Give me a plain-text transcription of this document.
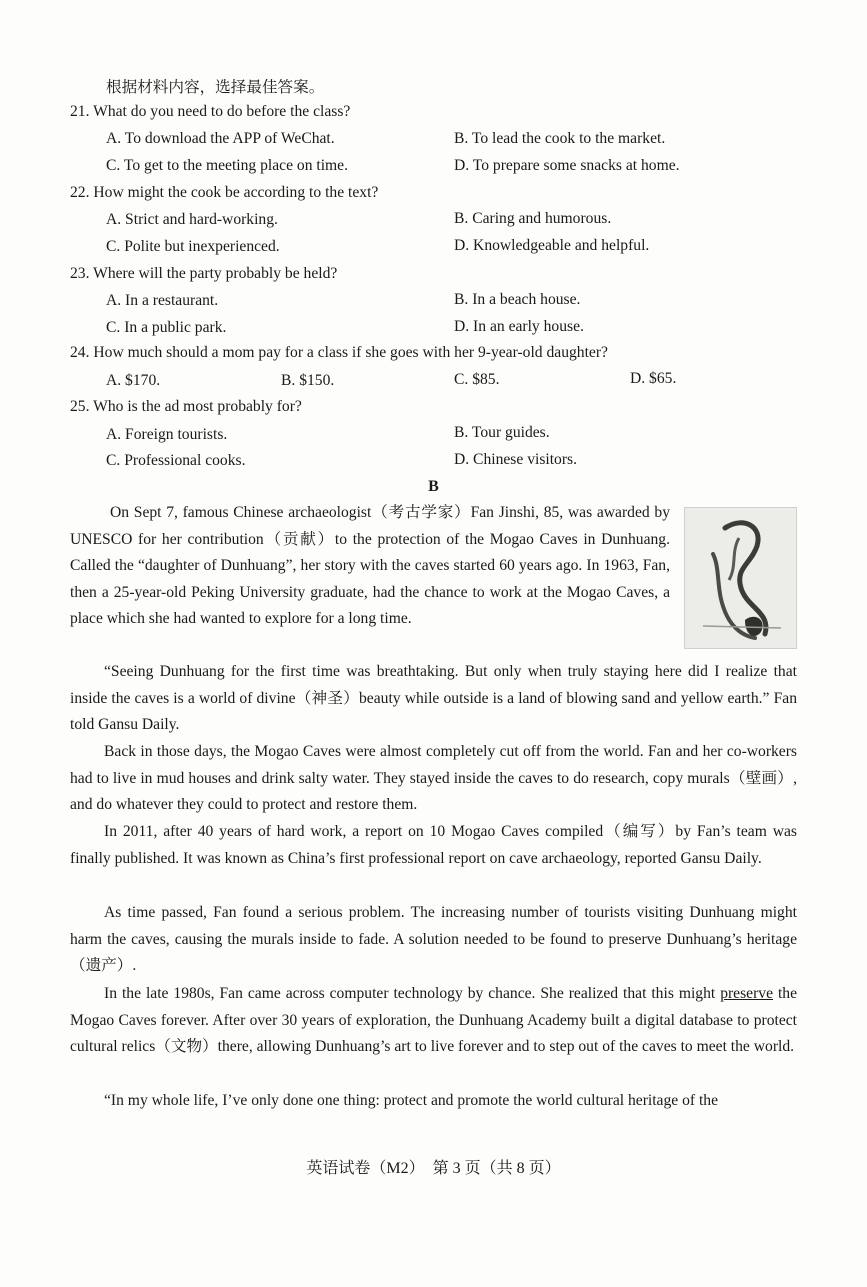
根据材料内容，选择最佳答案。
21. What do you need to do before the class?
A. To download the APP of WeChat.	B. To lead the cook to the market.
C. To get to the meeting place on time.	D. To prepare some snacks at home.
22. How might the cook be according to the text?
A. Strict and hard-working.	B. Caring and humorous.
C. Polite but inexperienced.	D. Knowledgeable and helpful.
23. Where will the party probably be held?
A. In a restaurant.	B. In a beach house.
C. In a public park.	D. In an early house.
24. How much should a mom pay for a class if she goes with her 9-year-old daughter?
A. $170.	B. $150.	C. $85.	D. $65.
25. Who is the ad most probably for?
A. Foreign tourists.	B. Tour guides.
C. Professional cooks.	D. Chinese visitors.
B
On Sept 7, famous Chinese archaeologist（考古学家）Fan Jinshi, 85, was awarded by UNESCO for her contribution（贡献）to the protection of the Mogao Caves in Dunhuang. Called the “daughter of Dunhuang”, her story with the caves started 60 years ago. In 1963, Fan, then a 25-year-old Peking University graduate, had the chance to work at the Mogao Caves, a place which she had wanted to explore for a long time.
“Seeing Dunhuang for the first time was breathtaking. But only when truly staying here did I realize that inside the caves is a world of divine（神圣）beauty while outside is a land of blowing sand and yellow earth.” Fan told Gansu Daily.
Back in those days, the Mogao Caves were almost completely cut off from the world. Fan and her co-workers had to live in mud houses and drink salty water. They stayed inside the caves to do research, copy murals（壁画）, and do whatever they could to protect and restore them.
In 2011, after 40 years of hard work, a report on 10 Mogao Caves compiled（编写）by Fan’s team was finally published. It was known as China’s first professional report on cave archaeology, reported Gansu Daily.
As time passed, Fan found a serious problem. The increasing number of tourists visiting Dunhuang might harm the caves, causing the murals inside to fade. A solution needed to be found to preserve Dunhuang’s heritage（遗产）.
In the late 1980s, Fan came across computer technology by chance. She realized that this might preserve the Mogao Caves forever. After over 30 years of exploration, the Dunhuang Academy built a digital database to protect cultural relics（文物）there, allowing Dunhuang’s art to live forever and to step out of the caves to meet the world.
“In my whole life, I’ve only done one thing: protect and promote the world cultural heritage of the
英语试卷（M2）　第 3 页（共 8 页）
